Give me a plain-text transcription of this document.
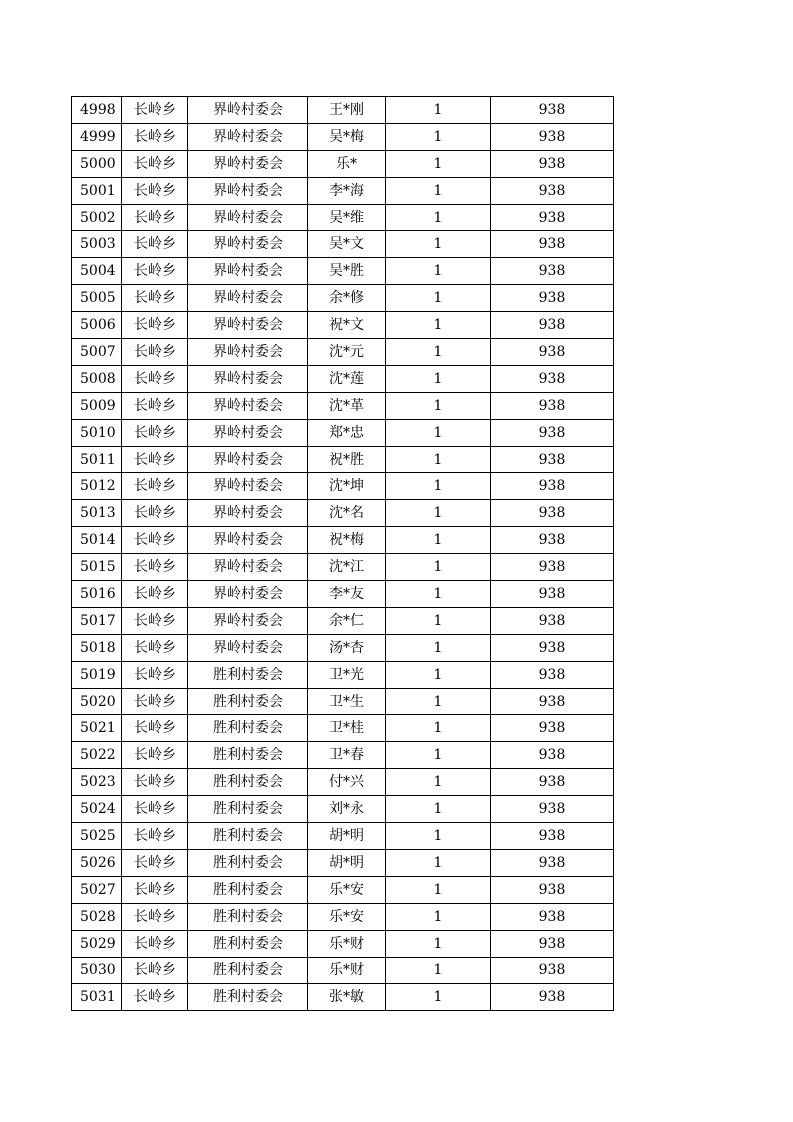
4998	长岭乡	界岭村委会	王*刚	1	938
4999	长岭乡	界岭村委会	吴*梅	1	938
5000	长岭乡	界岭村委会	乐*	1	938
5001	长岭乡	界岭村委会	李*海	1	938
5002	长岭乡	界岭村委会	吴*维	1	938
5003	长岭乡	界岭村委会	吴*文	1	938
5004	长岭乡	界岭村委会	吴*胜	1	938
5005	长岭乡	界岭村委会	余*修	1	938
5006	长岭乡	界岭村委会	祝*文	1	938
5007	长岭乡	界岭村委会	沈*元	1	938
5008	长岭乡	界岭村委会	沈*莲	1	938
5009	长岭乡	界岭村委会	沈*革	1	938
5010	长岭乡	界岭村委会	郑*忠	1	938
5011	长岭乡	界岭村委会	祝*胜	1	938
5012	长岭乡	界岭村委会	沈*坤	1	938
5013	长岭乡	界岭村委会	沈*名	1	938
5014	长岭乡	界岭村委会	祝*梅	1	938
5015	长岭乡	界岭村委会	沈*江	1	938
5016	长岭乡	界岭村委会	李*友	1	938
5017	长岭乡	界岭村委会	余*仁	1	938
5018	长岭乡	界岭村委会	汤*杏	1	938
5019	长岭乡	胜利村委会	卫*光	1	938
5020	长岭乡	胜利村委会	卫*生	1	938
5021	长岭乡	胜利村委会	卫*桂	1	938
5022	长岭乡	胜利村委会	卫*春	1	938
5023	长岭乡	胜利村委会	付*兴	1	938
5024	长岭乡	胜利村委会	刘*永	1	938
5025	长岭乡	胜利村委会	胡*明	1	938
5026	长岭乡	胜利村委会	胡*明	1	938
5027	长岭乡	胜利村委会	乐*安	1	938
5028	长岭乡	胜利村委会	乐*安	1	938
5029	长岭乡	胜利村委会	乐*财	1	938
5030	长岭乡	胜利村委会	乐*财	1	938
5031	长岭乡	胜利村委会	张*敏	1	938
